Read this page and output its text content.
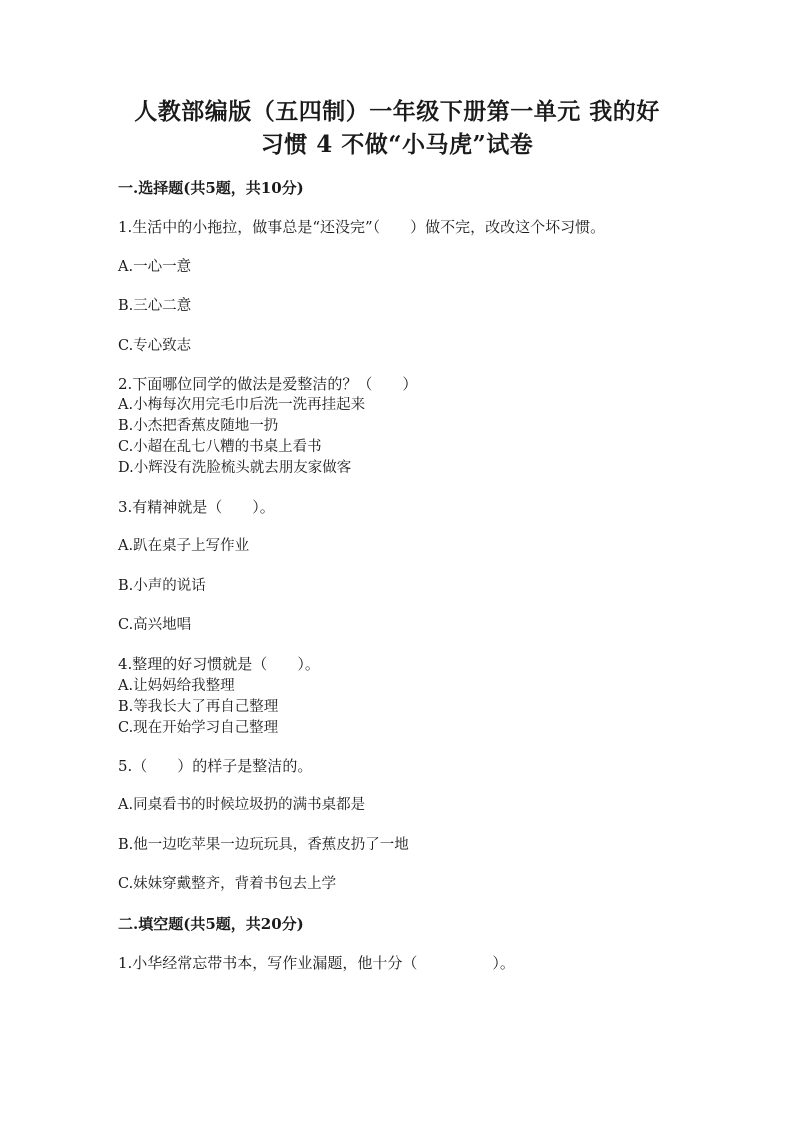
人教部编版（五四制）一年级下册第一单元 我的好
习惯 4 不做“小马虎”试卷
一.选择题(共5题，共10分)
1.生活中的小拖拉，做事总是“还没完”（　　）做不完，改改这个坏习惯。
A.一心一意
B.三心二意
C.专心致志
2.下面哪位同学的做法是爱整洁的？（　　）
A.小梅每次用完毛巾后洗一洗再挂起来
B.小杰把香蕉皮随地一扔
C.小超在乱七八糟的书桌上看书
D.小辉没有洗脸梳头就去朋友家做客
3.有精神就是（　　）。
A.趴在桌子上写作业
B.小声的说话
C.高兴地唱
4.整理的好习惯就是（　　）。
A.让妈妈给我整理
B.等我长大了再自己整理
C.现在开始学习自己整理
5.（　　）的样子是整洁的。
A.同桌看书的时候垃圾扔的满书桌都是
B.他一边吃苹果一边玩玩具，香蕉皮扔了一地
C.妹妹穿戴整齐，背着书包去上学
二.填空题(共5题，共20分)
1.小华经常忘带书本，写作业漏题，他十分（　　　　　）。
